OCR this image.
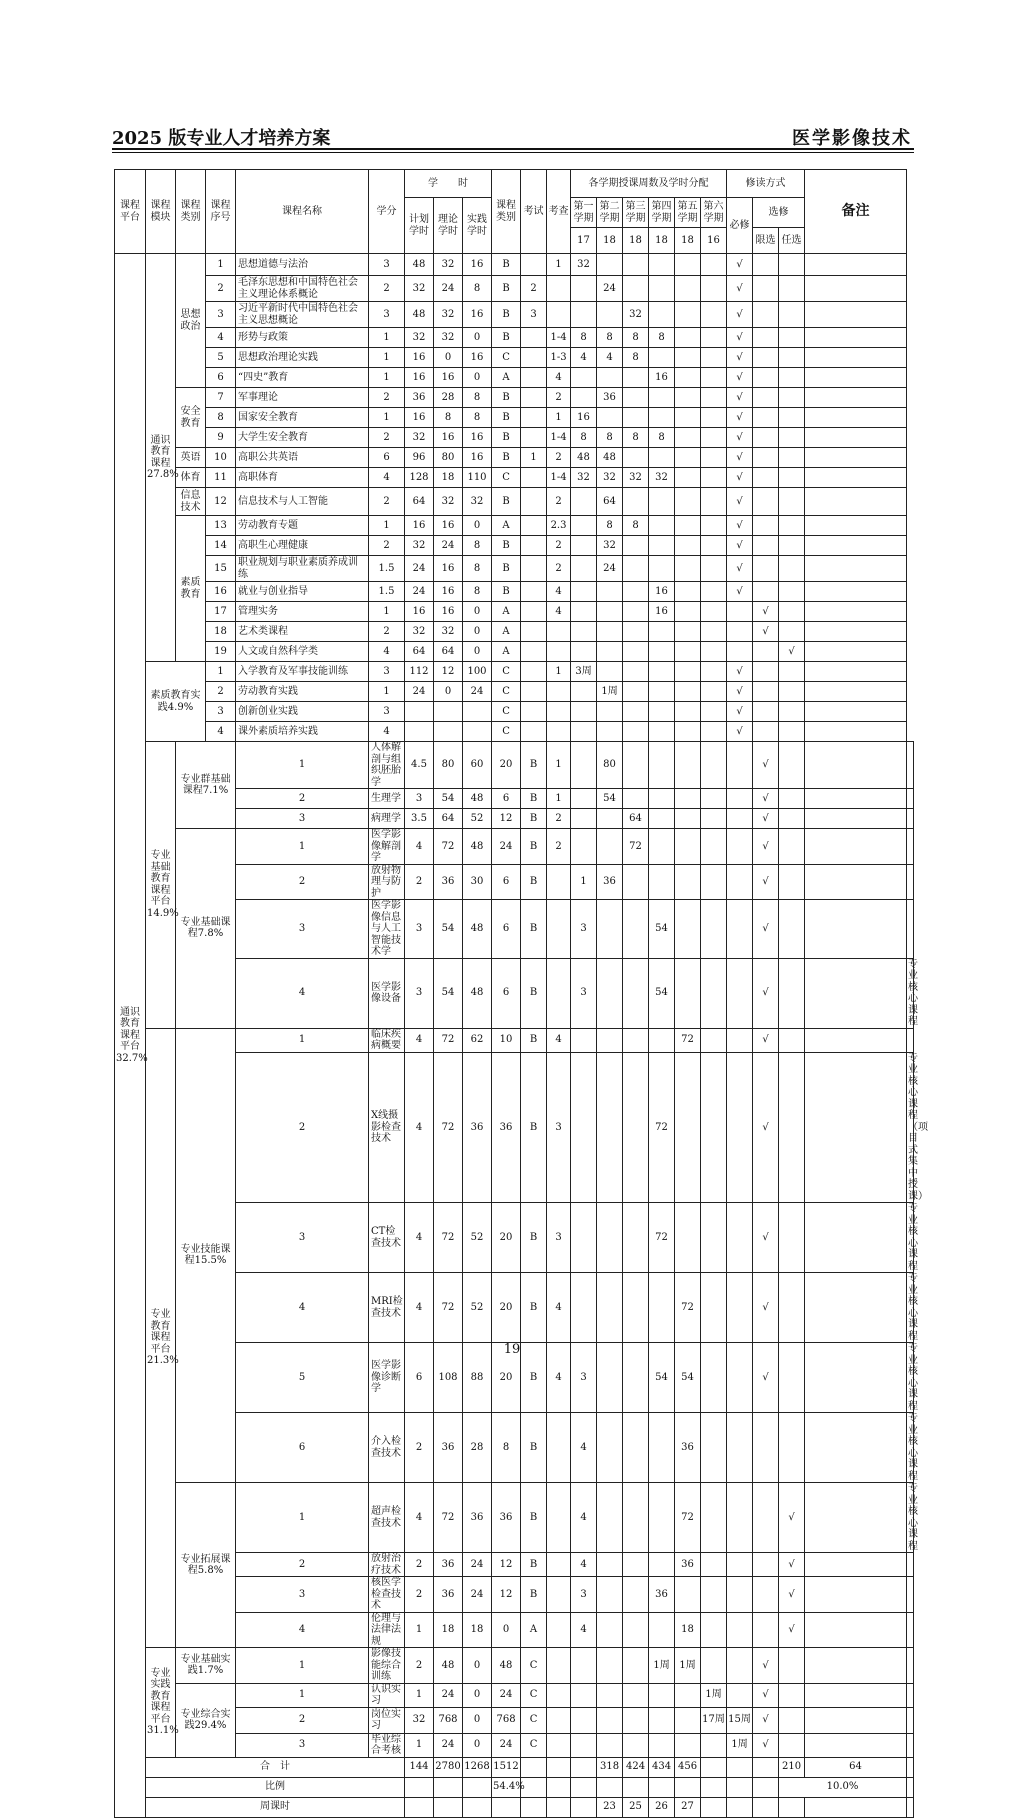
2025 版专业人才培养方案	医学影像技术
课程平台	课程模块	课程类别	课程序号	课程名称	学分	学　　时			课程类别	考试	考查	各学期授课周数及学时分配						修读方式			备注	
						计划学时	理论学时	实践学时				第一学期	第二学期	第三学期	第四学期	第五学期	第六学期	必修	选修			
												17	18	18	18	18	16		限选	任选		
通识教育课程平台32.7%	通识教育课程27.8%	思想政治	1	思想道德与法治	3	48	32	16	B		1	32						√				
			2	毛泽东思想和中国特色社会主义理论体系概论	2	32	24	8	B	2			24					√				
			3	习近平新时代中国特色社会主义思想概论	3	48	32	16	B	3				32				√				
			4	形势与政策	1	32	32	0	B		1-4	8	8	8	8			√				
			5	思想政治理论实践	1	16	0	16	C		1-3	4	4	8				√				
			6	“四史”教育	1	16	16	0	A		4				16			√				
		安全教育	7	军事理论	2	36	28	8	B		2		36					√				
			8	国家安全教育	1	16	8	8	B		1	16						√				
			9	大学生安全教育	2	32	16	16	B		1-4	8	8	8	8			√				
		英语	10	高职公共英语	6	96	80	16	B	1	2	48	48					√				
		体育	11	高职体育	4	128	18	110	C		1-4	32	32	32	32			√				
		信息技术	12	信息技术与人工智能	2	64	32	32	B		2		64					√				
		素质教育	13	劳动教育专题	1	16	16	0	A		2.3		8	8				√				
			14	高职生心理健康	2	32	24	8	B		2		32					√				
			15	职业规划与职业素质养成训练	1.5	24	16	8	B		2		24					√				
			16	就业与创业指导	1.5	24	16	8	B		4				16			√				
			17	管理实务	1	16	16	0	A		4				16				√			
			18	艺术类课程	2	32	32	0	A										√			
			19	人文或自然科学类	4	64	64	0	A											√		
	素质教育实践4.9%		1	入学教育及军事技能训练	3	112	12	100	C		1	3周						√				
			2	劳动教育实践	1	24	0	24	C				1周					√				
			3	创新创业实践	3				C									√				
			4	课外素质培养实践	4				C									√				
	专业基础教育课程平台14.9%	专业群基础课程7.1%		1	人体解剖与组织胚胎学	4.5	80	60	20	B	1		80						√			
				2	生理学	3	54	48	6	B	1		54						√			
				3	病理学	3.5	64	52	12	B	2			64					√			
		专业基础课程7.8%		1	医学影像解剖学	4	72	48	24	B	2			72					√			
				2	放射物理与防护	2	36	30	6	B		1	36						√			
				3	医学影像信息与人工智能技术学	3	54	48	6	B		3			54				√			
				4	医学影像设备	3	54	48	6	B		3			54				√			专业核心课程
	专业教育课程平台21.3%	专业技能课程15.5%		1	临床疾病概要	4	72	62	10	B	4					72			√			
				2	X线摄影检查技术	4	72	36	36	B	3				72				√			专业核心课程（项目式集中授课）
				3	CT检查技术	4	72	52	20	B	3				72				√			专业核心课程
				4	MRI检查技术	4	72	52	20	B	4					72			√			专业核心课程
				5	医学影像诊断学	6	108	88	20	B	4	3			54	54			√			专业核心课程
				6	介入检查技术	2	36	28	8	B		4				36						专业核心课程
		专业拓展课程5.8%		1	超声检查技术	4	72	36	36	B		4				72				√		专业核心课程
				2	放射治疗技术	2	36	24	12	B		4				36				√		
				3	核医学检查技术	2	36	24	12	B		3			36					√		
				4	伦理与法律法规	1	18	18	0	A		4				18				√		
	专业实践教育课程平台31.1%	专业基础实践1.7%		1	影像技能综合训练	2	48	0	48	C					1周	1周			√			
		专业综合实践29.4%		1	认识实习	1	24	0	24	C							1周		√			
				2	岗位实习	32	768	0	768	C							17周	15周	√			
				3	毕业综合考核	1	24	0	24	C								1周	√			
	合　计					144	2780	1268	1512				318	424	434	456				210	64	
	比例								54.4%											10.0%		
	周课时												23	25	26	27						
19
